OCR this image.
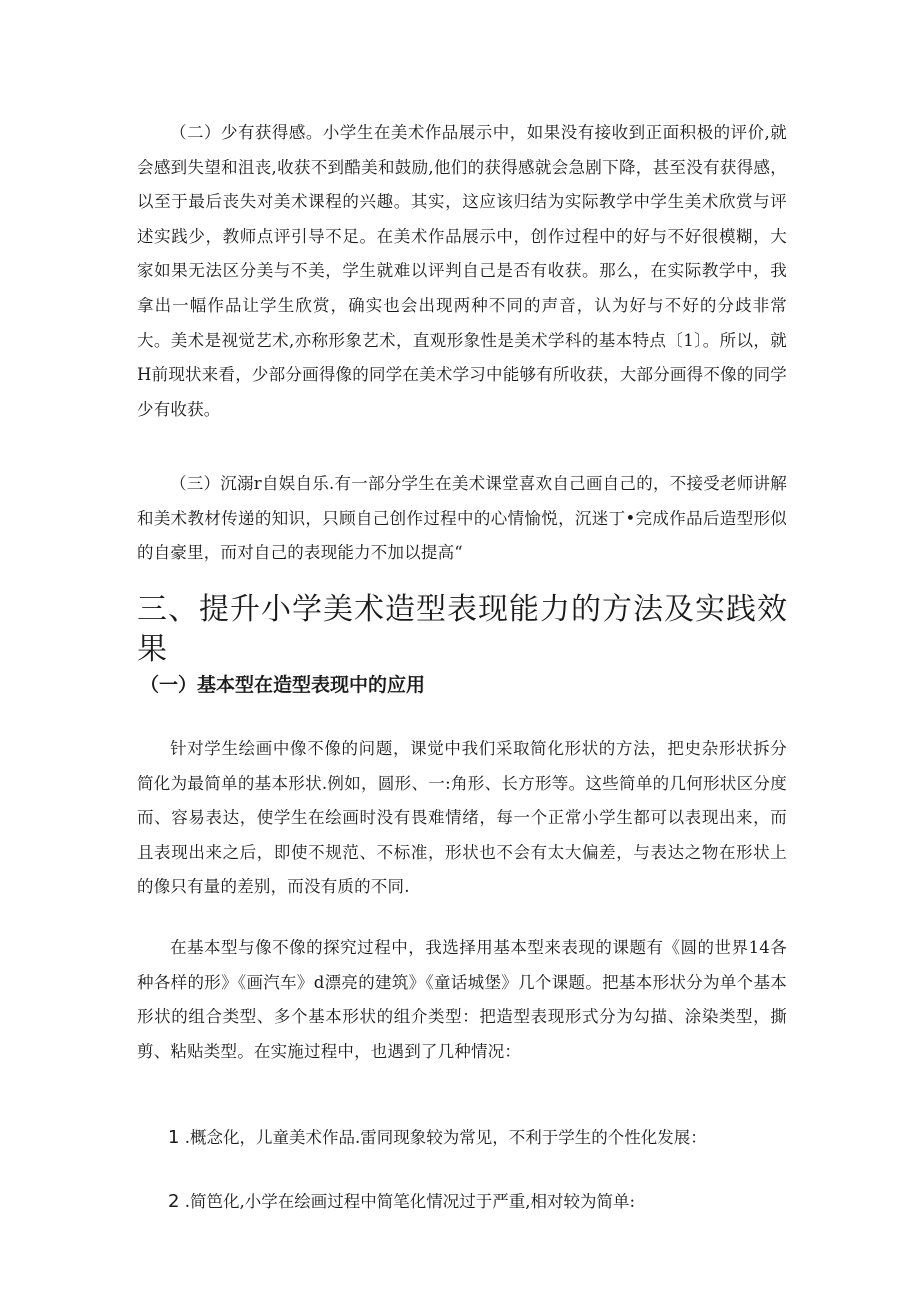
（二）少有获得感。小学生在美术作品展示中，如果没有接收到正面积极的评价,就会感到失望和沮丧,收获不到酷美和鼓励,他们的获得感就会急剧下降，甚至没有获得感，以至于最后丧失对美术课程的兴趣。其实，这应该归结为实际教学中学生美术欣赏与评述实践少，教师点评引导不足。在美术作品展示中，创作过程中的好与不好很模糊，大家如果无法区分美与不美，学生就难以评判自己是否有收获。那么，在实际教学中，我拿出一幅作品让学生欣赏，确实也会出现两种不同的声音，认为好与不好的分歧非常大。美术是视觉艺术,亦称形象艺术，直观形象性是美术学科的基本特点〔1〕。所以，就H前现状来看，少部分画得像的同学在美术学习中能够有所收获，大部分画得不像的同学少有收获。

（三）沉溺r自娱自乐.有一部分学生在美术课堂喜欢自己画自己的，不接受老师讲解和美术教材传递的知识，只顾自己创作过程中的心情愉悦，沉迷丁•完成作品后造型形似的自豪里，而对自己的表现能力不加以提高“

三、提升小学美术造型表现能力的方法及实践效果
（一）基本型在造型表现中的应用

针对学生绘画中像不像的问题，课觉中我们采取简化形状的方法，把史杂形状拆分简化为最简单的基本形状.例如，圆形、一:角形、长方形等。这些简单的几何形状区分度而、容易表达，使学生在绘画时没有畏难情绪，每一个正常小学生都可以表现出来，而且表现出来之后，即使不规范、不标准，形状也不会有太大偏差，与表达之物在形状上的像只有量的差别，而没有质的不同.

在基本型与像不像的探究过程中，我选择用基本型来表现的课题有《圆的世界14各种各样的形》《画汽车》d漂亮的建筑》《童话城堡》几个课题。把基本形状分为单个基本形状的组合类型、多个基本形状的组介类型：把造型表现形式分为勾描、涂染类型，撕剪、粘贴类型。在实施过程中，也遇到了几种情况：

1 .概念化，儿童美术作品.雷同现象较为常见，不利于学生的个性化发展：

2 .简笆化,小学在绘画过程中简笔化情况过于严重,相对较为简单:
